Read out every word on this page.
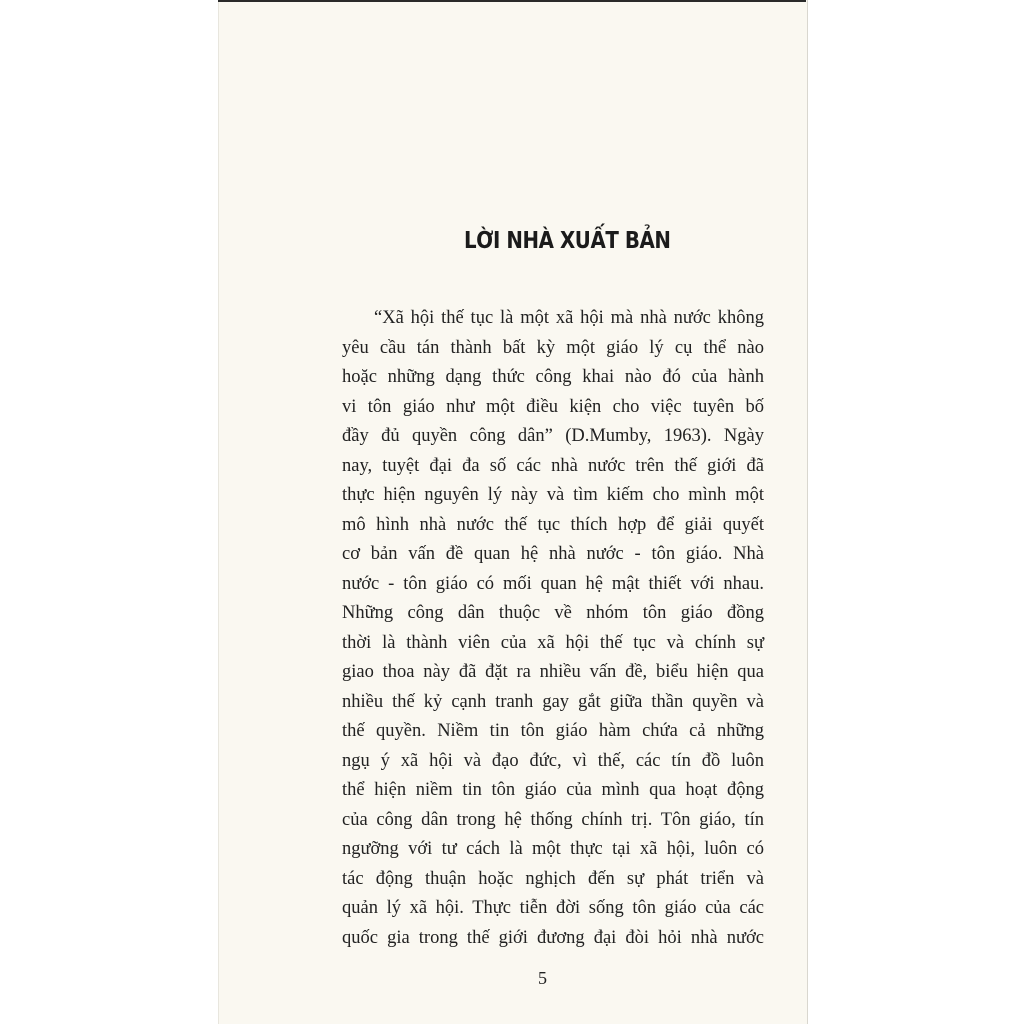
LỜI NHÀ XUẤT BẢN
“Xã hội thế tục là một xã hội mà nhà nước không
yêu cầu tán thành bất kỳ một giáo lý cụ thể nào
hoặc những dạng thức công khai nào đó của hành
vi tôn giáo như một điều kiện cho việc tuyên bố
đầy đủ quyền công dân” (D.Mumby, 1963). Ngày
nay, tuyệt đại đa số các nhà nước trên thế giới đã
thực hiện nguyên lý này và tìm kiếm cho mình một
mô hình nhà nước thế tục thích hợp để giải quyết
cơ bản vấn đề quan hệ nhà nước - tôn giáo. Nhà
nước - tôn giáo có mối quan hệ mật thiết với nhau.
Những công dân thuộc về nhóm tôn giáo đồng
thời là thành viên của xã hội thế tục và chính sự
giao thoa này đã đặt ra nhiều vấn đề, biểu hiện qua
nhiều thế kỷ cạnh tranh gay gắt giữa thần quyền và
thế quyền. Niềm tin tôn giáo hàm chứa cả những
ngụ ý xã hội và đạo đức, vì thế, các tín đồ luôn
thể hiện niềm tin tôn giáo của mình qua hoạt động
của công dân trong hệ thống chính trị. Tôn giáo, tín
ngưỡng với tư cách là một thực tại xã hội, luôn có
tác động thuận hoặc nghịch đến sự phát triển và
quản lý xã hội. Thực tiễn đời sống tôn giáo của các
quốc gia trong thế giới đương đại đòi hỏi nhà nước
5
